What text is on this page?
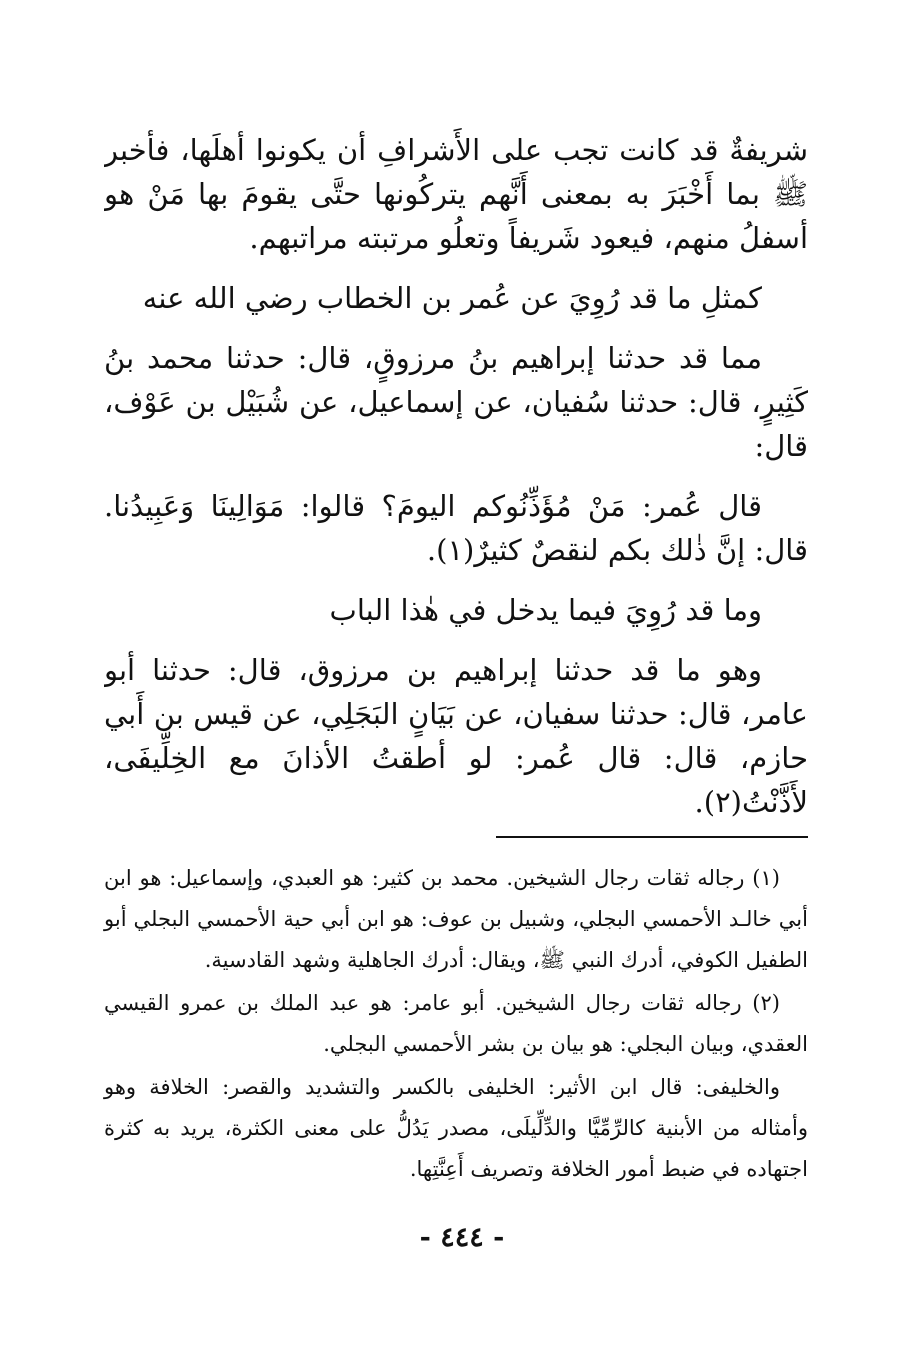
شريفةٌ قد كانت تجب على الأَشرافِ أن يكونوا أهلَها، فأخبر ﷺ بما أَخْبَرَ به بمعنى أَنَّهم يتركُونها حتَّى يقومَ بها مَنْ هو أسفلُ منهم، فيعود شَريفاً وتعلُو مرتبته مراتبهم.

كمثلِ ما قد رُوِيَ عن عُمر بن الخطاب رضي الله عنه

مما قد حدثنا إبراهيم بنُ مرزوقٍ، قال: حدثنا محمد بنُ كَثِيرٍ، قال: حدثنا سُفيان، عن إسماعيل، عن شُبَيْل بن عَوْف، قال:

قال عُمر: مَنْ مُؤَذِّنُوكم اليومَ؟ قالوا: مَوَالِينَا وَعَبِيدُنا. قال: إنَّ ذٰلك بكم لنقصٌ كثيرٌ(١).

وما قد رُوِيَ فيما يدخل في هٰذا الباب

وهو ما قد حدثنا إبراهيم بن مرزوق، قال: حدثنا أبو عامر، قال: حدثنا سفيان، عن بَيَانٍ البَجَلِي، عن قيس بن أَبي حازم، قال: قال عُمر: لو أطقتُ الأذانَ مع الخِلِّيفَى، لأَذَّنْتُ(٢).

(١) رجاله ثقات رجال الشيخين. محمد بن كثير: هو العبدي، وإسماعيل: هو ابن أبي خالـد الأحمسي البجلي، وشبيل بن عوف: هو ابن أبي حية الأحمسي البجلي أبو الطفيل الكوفي، أدرك النبي ﷺ، ويقال: أدرك الجاهلية وشهد القادسية.

(٢) رجاله ثقات رجال الشيخين. أبو عامر: هو عبد الملك بن عمرو القيسي العقدي، وبيان البجلي: هو بيان بن بشر الأحمسي البجلي.

والخليفى: قال ابن الأثير: الخليفى بالكسر والتشديد والقصر: الخلافة وهو وأمثاله من الأبنية كالرِّمِّيَّا والدِّلِّيلَى، مصدر يَدُلُّ على معنى الكثرة، يريد به كثرة اجتهاده في ضبط أمور الخلافة وتصريف أَعِنَّتِها.

- ٤٤٤ -
